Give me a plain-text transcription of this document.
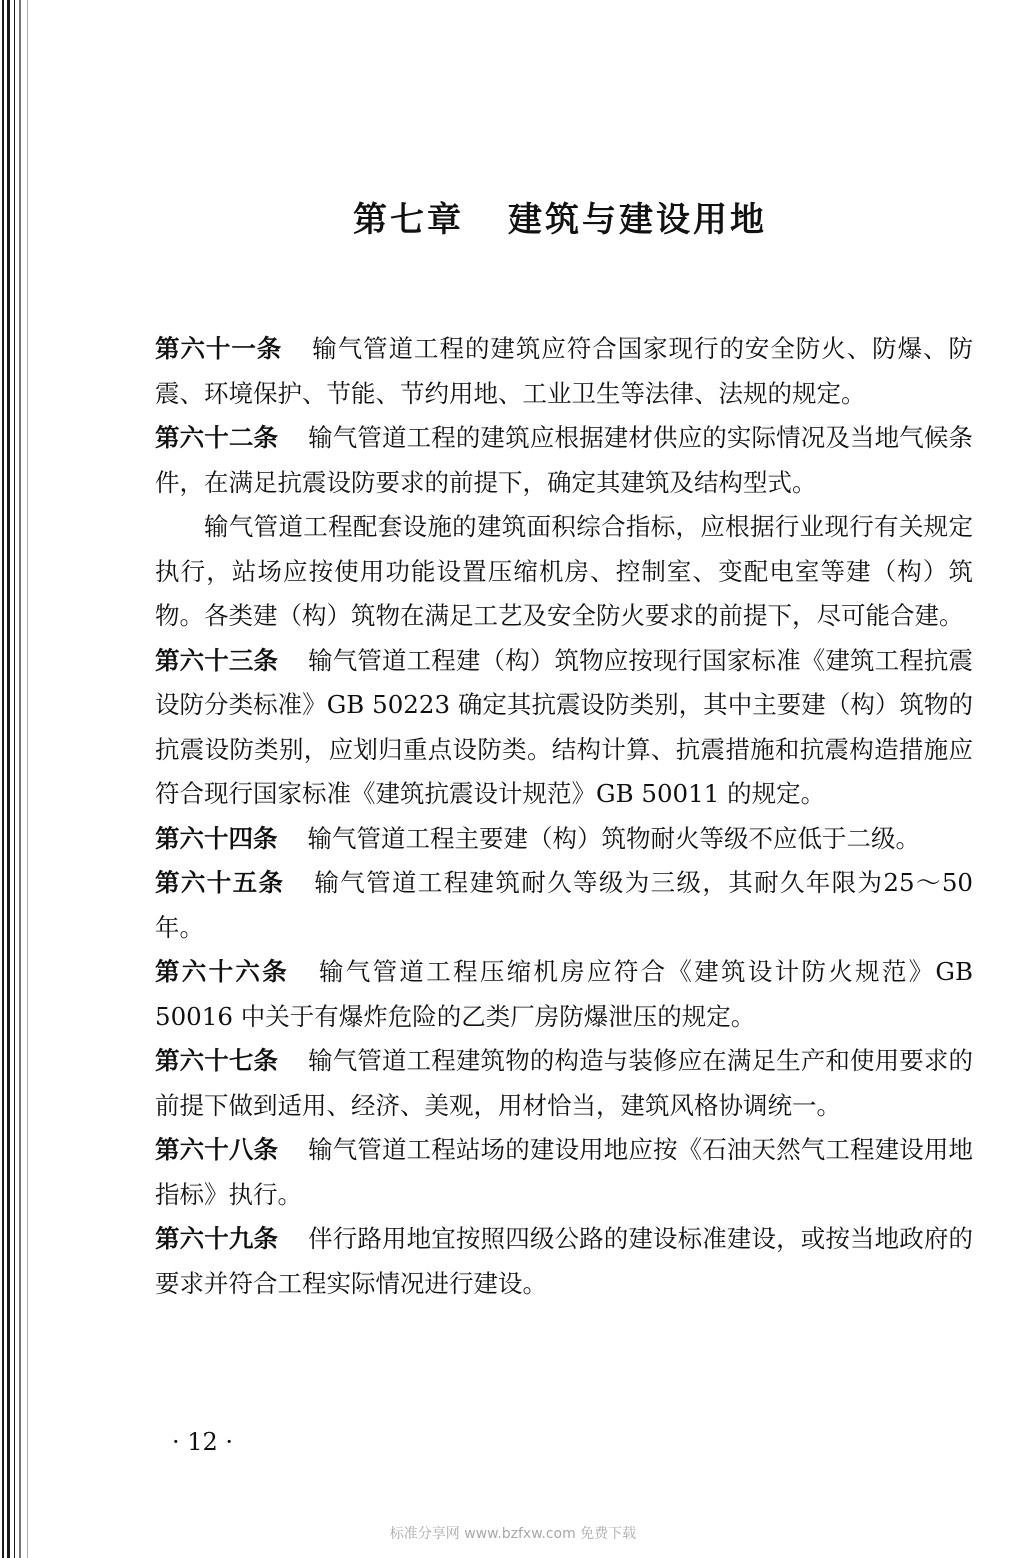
第七章 建筑与建设用地

第六十一条 输气管道工程的建筑应符合国家现行的安全防火、防爆、防震、环境保护、节能、节约用地、工业卫生等法律、法规的规定。

第六十二条 输气管道工程的建筑应根据建材供应的实际情况及当地气候条件，在满足抗震设防要求的前提下，确定其建筑及结构型式。

输气管道工程配套设施的建筑面积综合指标，应根据行业现行有关规定执行，站场应按使用功能设置压缩机房、控制室、变配电室等建（构）筑物。各类建（构）筑物在满足工艺及安全防火要求的前提下，尽可能合建。

第六十三条 输气管道工程建（构）筑物应按现行国家标准《建筑工程抗震设防分类标准》GB 50223 确定其抗震设防类别，其中主要建（构）筑物的抗震设防类别，应划归重点设防类。结构计算、抗震措施和抗震构造措施应符合现行国家标准《建筑抗震设计规范》GB 50011 的规定。

第六十四条 输气管道工程主要建（构）筑物耐火等级不应低于二级。

第六十五条 输气管道工程建筑耐久等级为三级，其耐久年限为25～50 年。

第六十六条 输气管道工程压缩机房应符合《建筑设计防火规范》GB 50016 中关于有爆炸危险的乙类厂房防爆泄压的规定。

第六十七条 输气管道工程建筑物的构造与装修应在满足生产和使用要求的前提下做到适用、经济、美观，用材恰当，建筑风格协调统一。

第六十八条 输气管道工程站场的建设用地应按《石油天然气工程建设用地指标》执行。

第六十九条 伴行路用地宜按照四级公路的建设标准建设，或按当地政府的要求并符合工程实际情况进行建设。

· 12 ·
标准分享网 www.bzfxw.com 免费下载
